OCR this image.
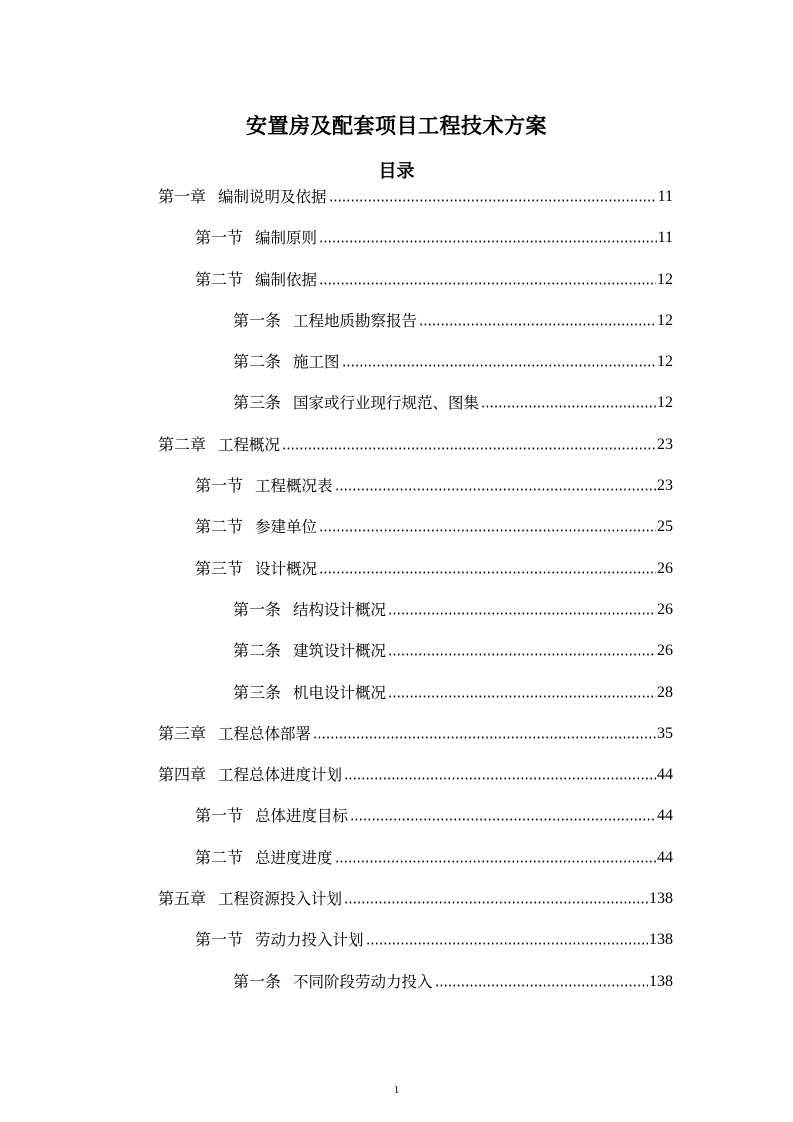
安置房及配套项目工程技术方案
目录
第一章 编制说明及依据	11
第一节 编制原则	11
第二节 编制依据	12
第一条 工程地质勘察报告	12
第二条 施工图	12
第三条 国家或行业现行规范、图集	12
第二章 工程概况	23
第一节 工程概况表	23
第二节 参建单位	25
第三节 设计概况	26
第一条 结构设计概况	26
第二条 建筑设计概况	26
第三条 机电设计概况	28
第三章 工程总体部署	35
第四章 工程总体进度计划	44
第一节 总体进度目标	44
第二节 总进度进度	44
第五章 工程资源投入计划	138
第一节 劳动力投入计划	138
第一条 不同阶段劳动力投入	138
1
